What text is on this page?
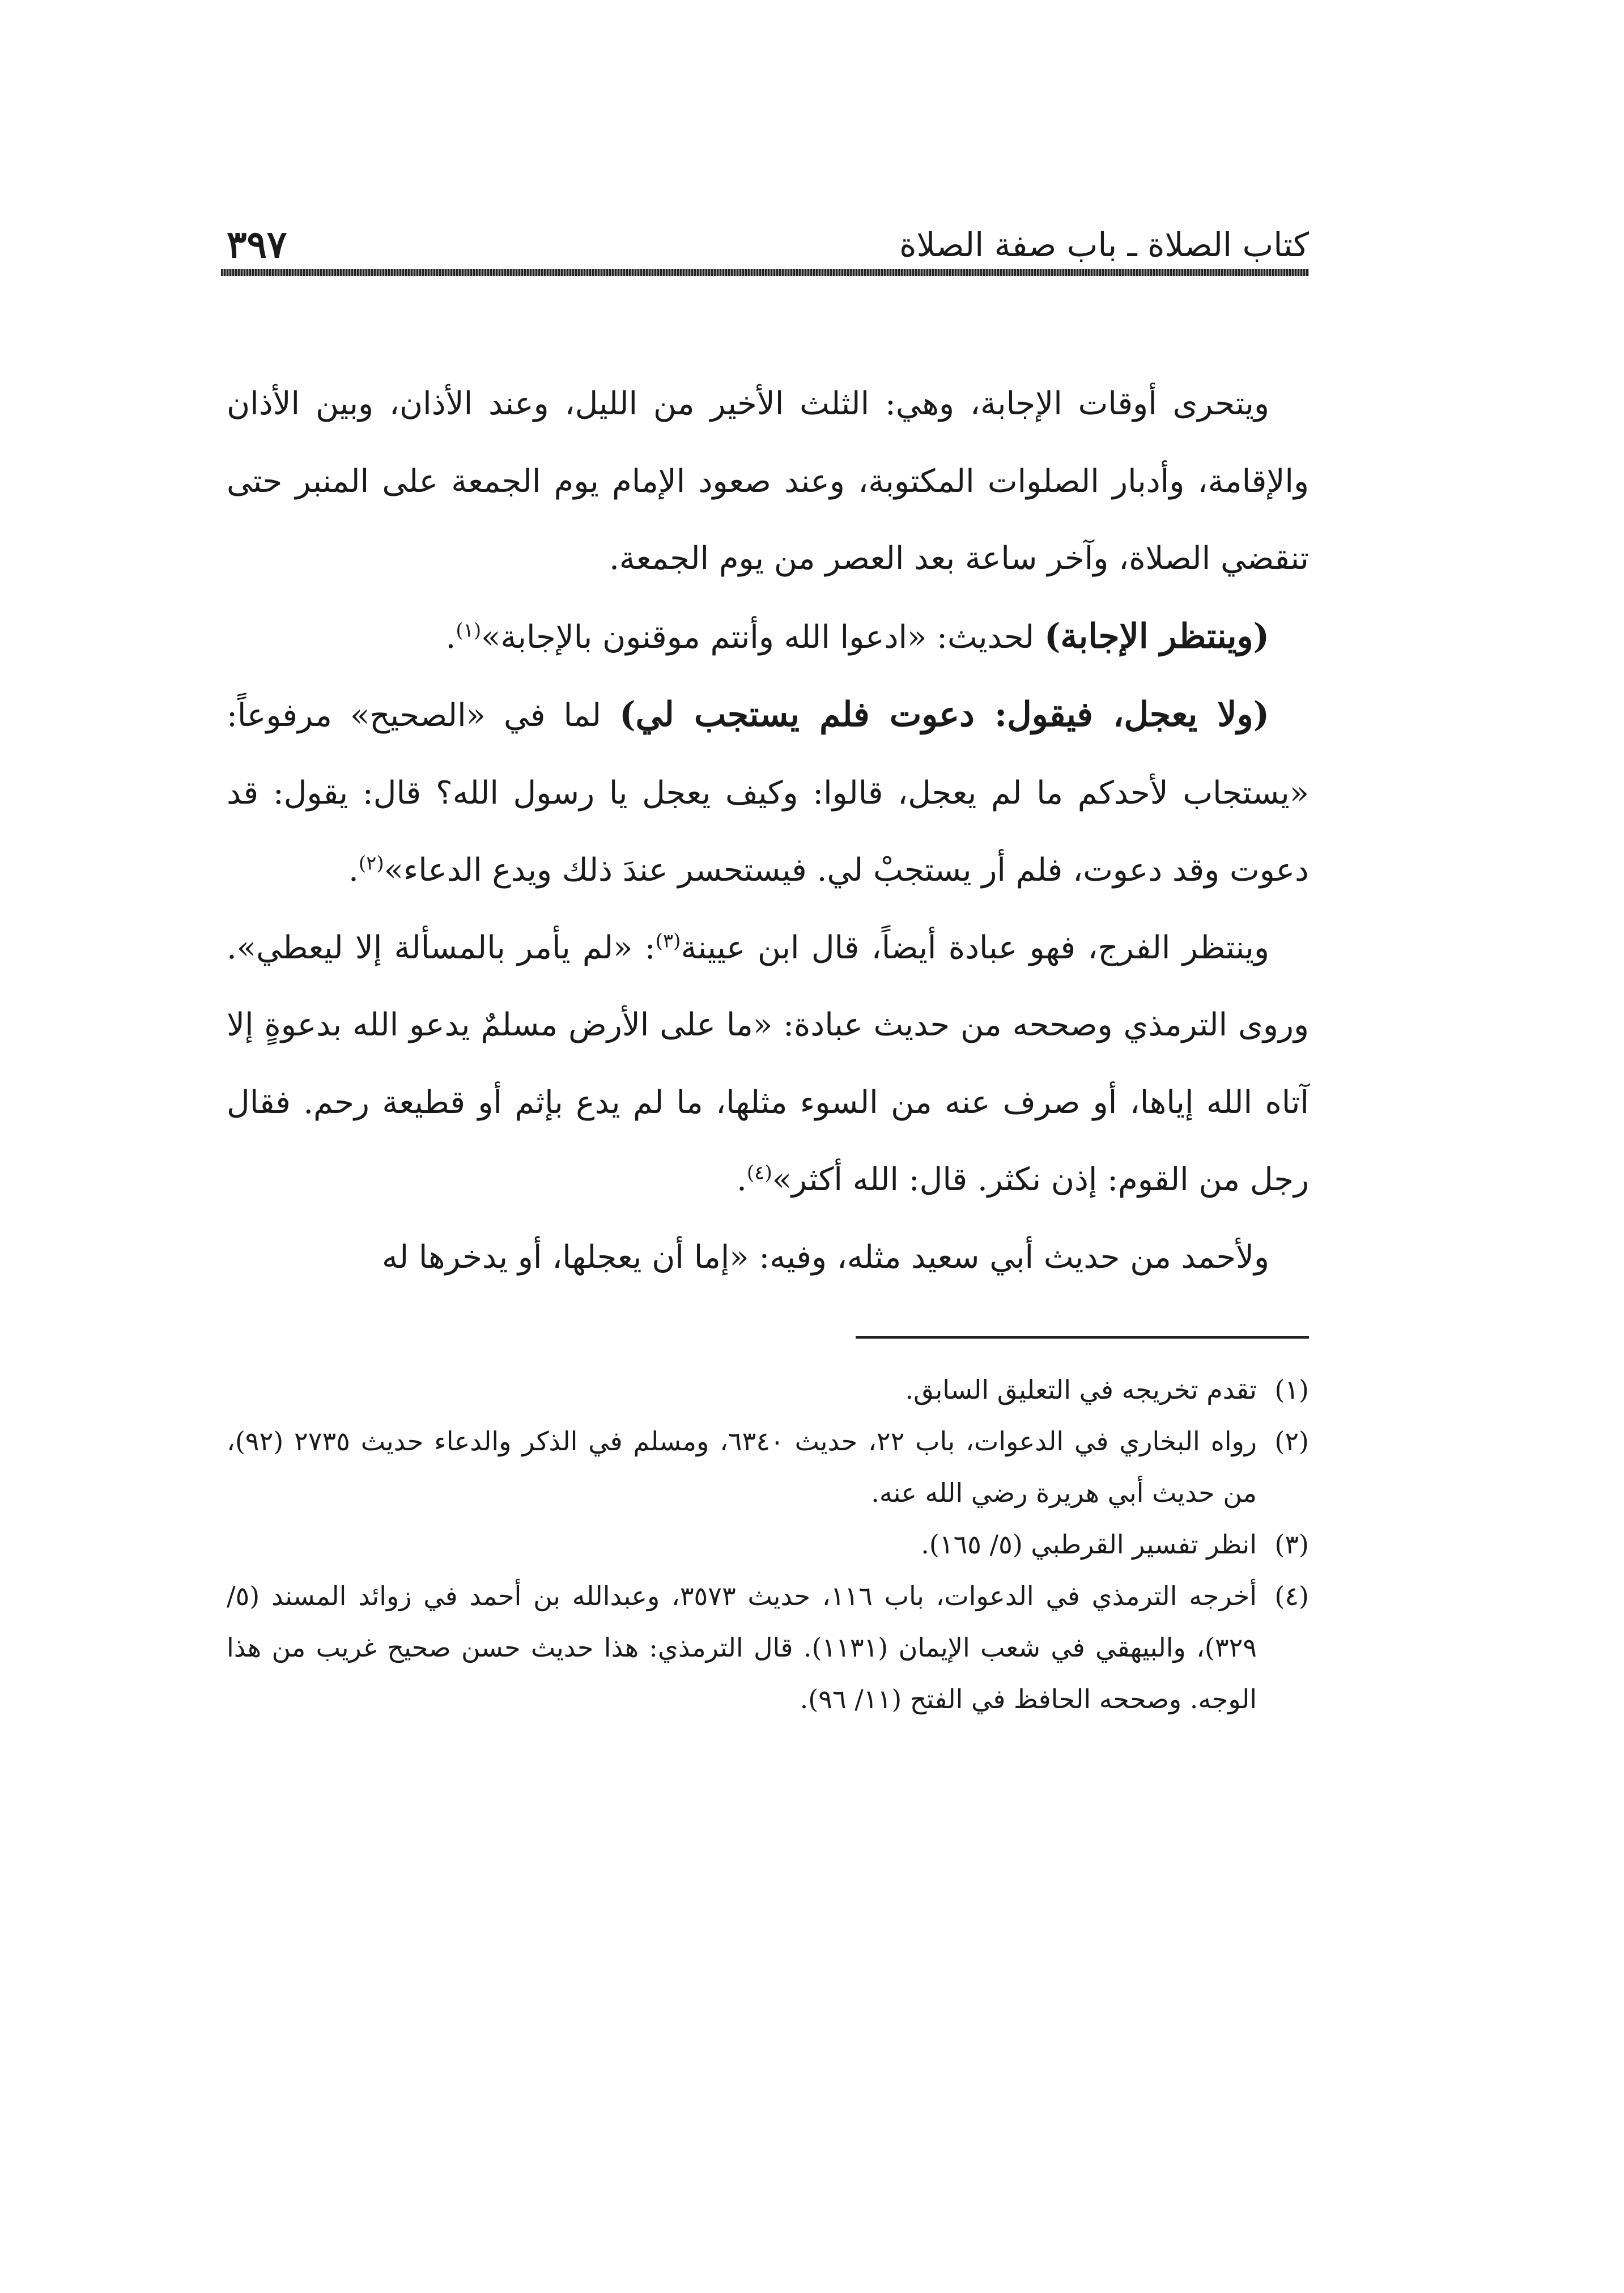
كتاب الصلاة ـ باب صفة الصلاة
٣٩٧

ويتحرى أوقات الإجابة، وهي: الثلث الأخير من الليل، وعند الأذان، وبين الأذان والإقامة، وأدبار الصلوات المكتوبة، وعند صعود الإمام يوم الجمعة على المنبر حتى تنقضي الصلاة، وآخر ساعة بعد العصر من يوم الجمعة.

(وينتظر الإجابة) لحديث: «ادعوا الله وأنتم موقنون بالإجابة»$^{(١)}$.

(ولا يعجل، فيقول: دعوت فلم يستجب لي) لما في «الصحيح» مرفوعاً: «يستجاب لأحدكم ما لم يعجل، قالوا: وكيف يعجل يا رسول الله؟ قال: يقول: قد دعوت وقد دعوت، فلم أر يستجبْ لي. فيستحسر عندَ ذلك ويدع الدعاء»$^{(٢)}$.

وينتظر الفرج، فهو عبادة أيضاً، قال ابن عيينة$^{(٣)}$: «لم يأمر بالمسألة إلا ليعطي». وروى الترمذي وصححه من حديث عبادة: «ما على الأرض مسلمٌ يدعو الله بدعوةٍ إلا آتاه الله إياها، أو صرف عنه من السوء مثلها، ما لم يدع بإثم أو قطيعة رحم. فقال رجل من القوم: إذن نكثر. قال: الله أكثر»$^{(٤)}$.

ولأحمد من حديث أبي سعيد مثله، وفيه: «إما أن يعجلها، أو يدخرها له

(١)
تقدم تخريجه في التعليق السابق.
(٢)
رواه البخاري في الدعوات، باب ٢٢، حديث ٦٣٤٠، ومسلم في الذكر والدعاء حديث ٢٧٣٥ (٩٢)، من حديث أبي هريرة رضي الله عنه.
(٣)
انظر تفسير القرطبي (٥/ ١٦٥).
(٤)
أخرجه الترمذي في الدعوات، باب ١١٦، حديث ٣٥٧٣، وعبدالله بن أحمد في زوائد المسند (٥/ ٣٢٩)، والبيهقي في شعب الإيمان (١١٣١). قال الترمذي: هذا حديث حسن صحيح غريب من هذا الوجه. وصححه الحافظ في الفتح (١١/ ٩٦).
